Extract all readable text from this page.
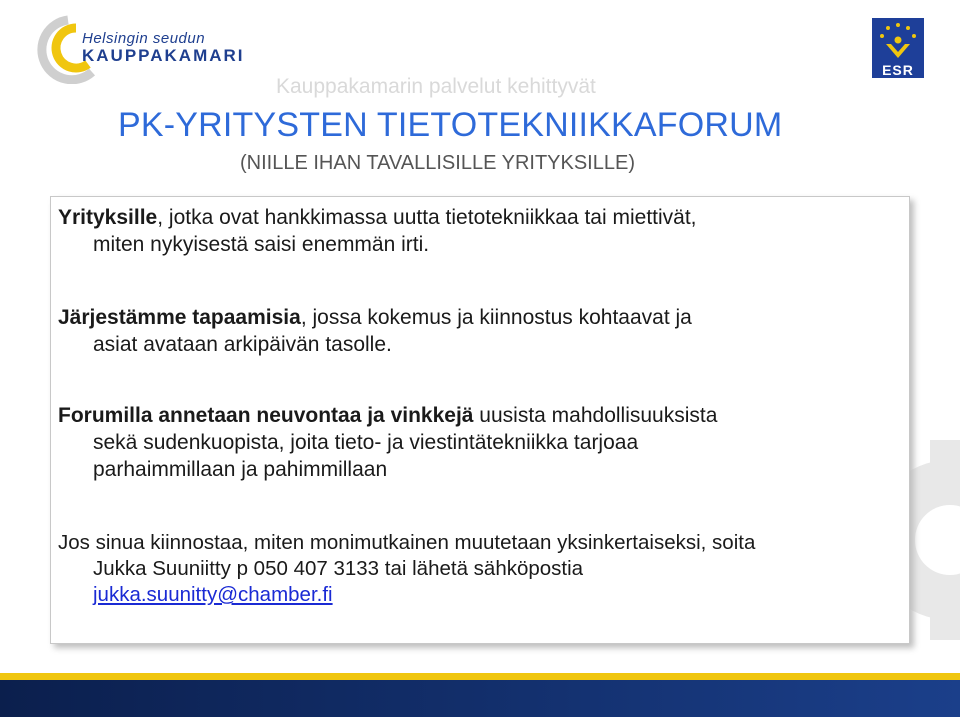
Helsingin seudun
KAUPPAKAMARI
ESR
Kauppakamarin palvelut kehittyvät
PK-YRITYSTEN TIETOTEKNIIKKAFORUM
(NIILLE IHAN TAVALLISILLE YRITYKSILLE)
Yrityksille, jotka ovat hankkimassa uutta tietotekniikkaa tai miettivät,
miten nykyisestä saisi enemmän irti.
Järjestämme tapaamisia, jossa kokemus ja kiinnostus kohtaavat ja
asiat avataan arkipäivän tasolle.
Forumilla annetaan neuvontaa ja vinkkejä uusista mahdollisuuksista
sekä sudenkuopista, joita tieto- ja viestintätekniikka tarjoaa
parhaimmillaan ja pahimmillaan
Jos sinua kiinnostaa, miten monimutkainen muutetaan yksinkertaiseksi, soita
Jukka Suuniitty p 050 407 3133 tai lähetä sähköpostia
jukka.suunitty@chamber.fi
